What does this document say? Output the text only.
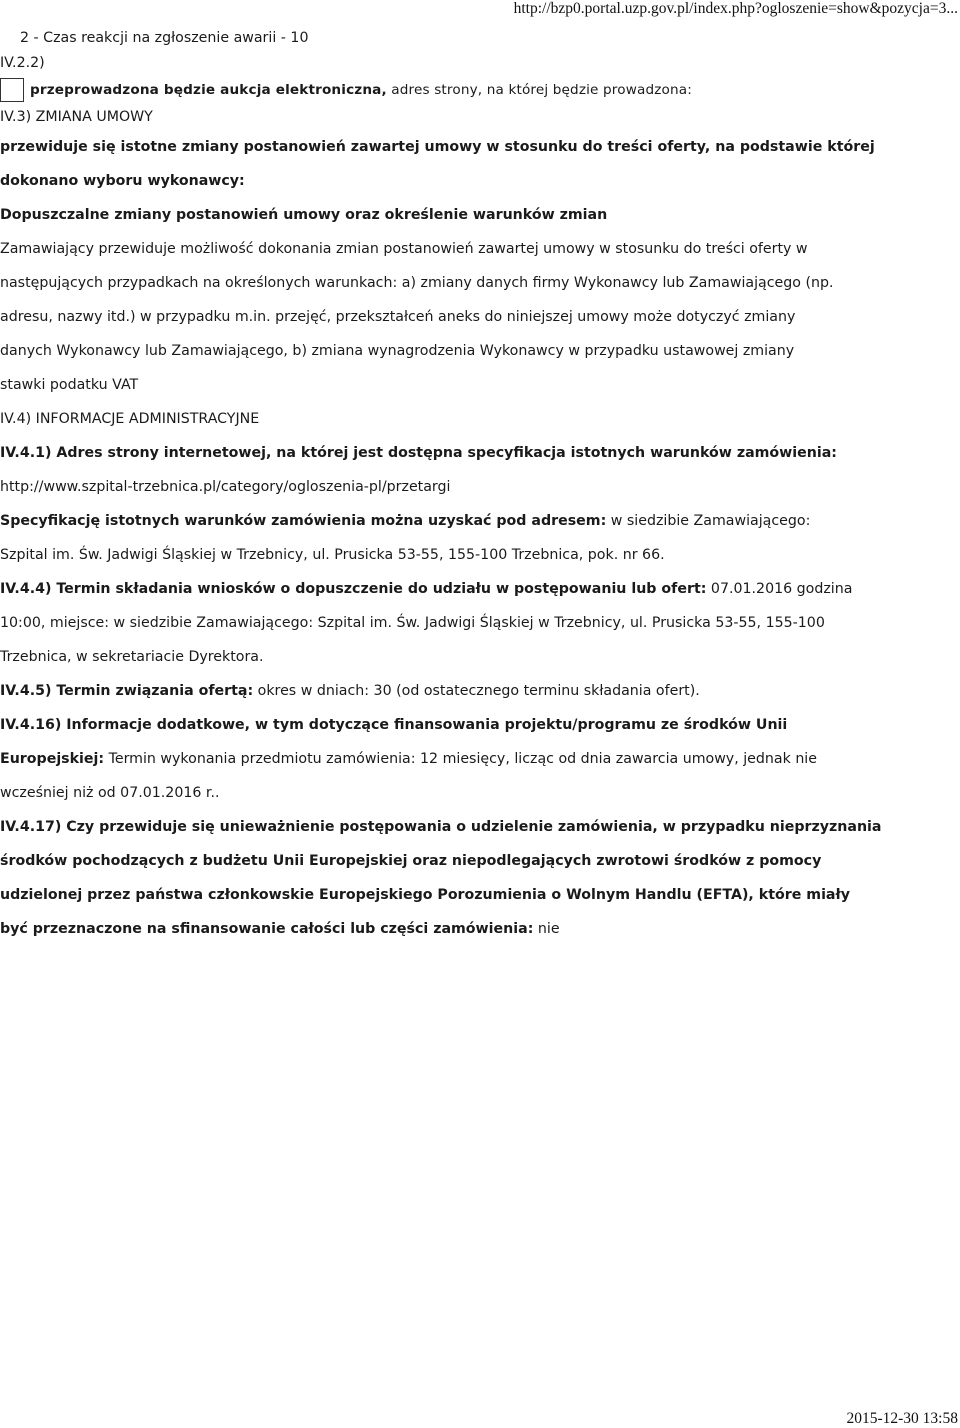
http://bzp0.portal.uzp.gov.pl/index.php?ogloszenie=show&pozycja=3...
2 - Czas reakcji na zgłoszenie awarii - 10
IV.2.2)
przeprowadzona będzie aukcja elektroniczna, adres strony, na której będzie prowadzona:
IV.3) ZMIANA UMOWY
przewiduje się istotne zmiany postanowień zawartej umowy w stosunku do treści oferty, na podstawie której
dokonano wyboru wykonawcy:
Dopuszczalne zmiany postanowień umowy oraz określenie warunków zmian
Zamawiający przewiduje możliwość dokonania zmian postanowień zawartej umowy w stosunku do treści oferty w
następujących przypadkach na określonych warunkach: a) zmiany danych firmy Wykonawcy lub Zamawiającego (np.
adresu, nazwy itd.) w przypadku m.in. przejęć, przekształceń aneks do niniejszej umowy może dotyczyć zmiany
danych Wykonawcy lub Zamawiającego, b) zmiana wynagrodzenia Wykonawcy w przypadku ustawowej zmiany
stawki podatku VAT
IV.4) INFORMACJE ADMINISTRACYJNE
IV.4.1) Adres strony internetowej, na której jest dostępna specyfikacja istotnych warunków zamówienia:
http://www.szpital-trzebnica.pl/category/ogloszenia-pl/przetargi
Specyfikację istotnych warunków zamówienia można uzyskać pod adresem: w siedzibie Zamawiającego:
Szpital im. Św. Jadwigi Śląskiej w Trzebnicy, ul. Prusicka 53-55, 155-100 Trzebnica, pok. nr 66.
IV.4.4) Termin składania wniosków o dopuszczenie do udziału w postępowaniu lub ofert: 07.01.2016 godzina
10:00, miejsce: w siedzibie Zamawiającego: Szpital im. Św. Jadwigi Śląskiej w Trzebnicy, ul. Prusicka 53-55, 155-100
Trzebnica, w sekretariacie Dyrektora.
IV.4.5) Termin związania ofertą: okres w dniach: 30 (od ostatecznego terminu składania ofert).
IV.4.16) Informacje dodatkowe, w tym dotyczące finansowania projektu/programu ze środków Unii
Europejskiej: Termin wykonania przedmiotu zamówienia: 12 miesięcy, licząc od dnia zawarcia umowy, jednak nie
wcześniej niż od 07.01.2016 r..
IV.4.17) Czy przewiduje się unieważnienie postępowania o udzielenie zamówienia, w przypadku nieprzyznania
środków pochodzących z budżetu Unii Europejskiej oraz niepodlegających zwrotowi środków z pomocy
udzielonej przez państwa członkowskie Europejskiego Porozumienia o Wolnym Handlu (EFTA), które miały
być przeznaczone na sfinansowanie całości lub części zamówienia: nie
2015-12-30 13:58
